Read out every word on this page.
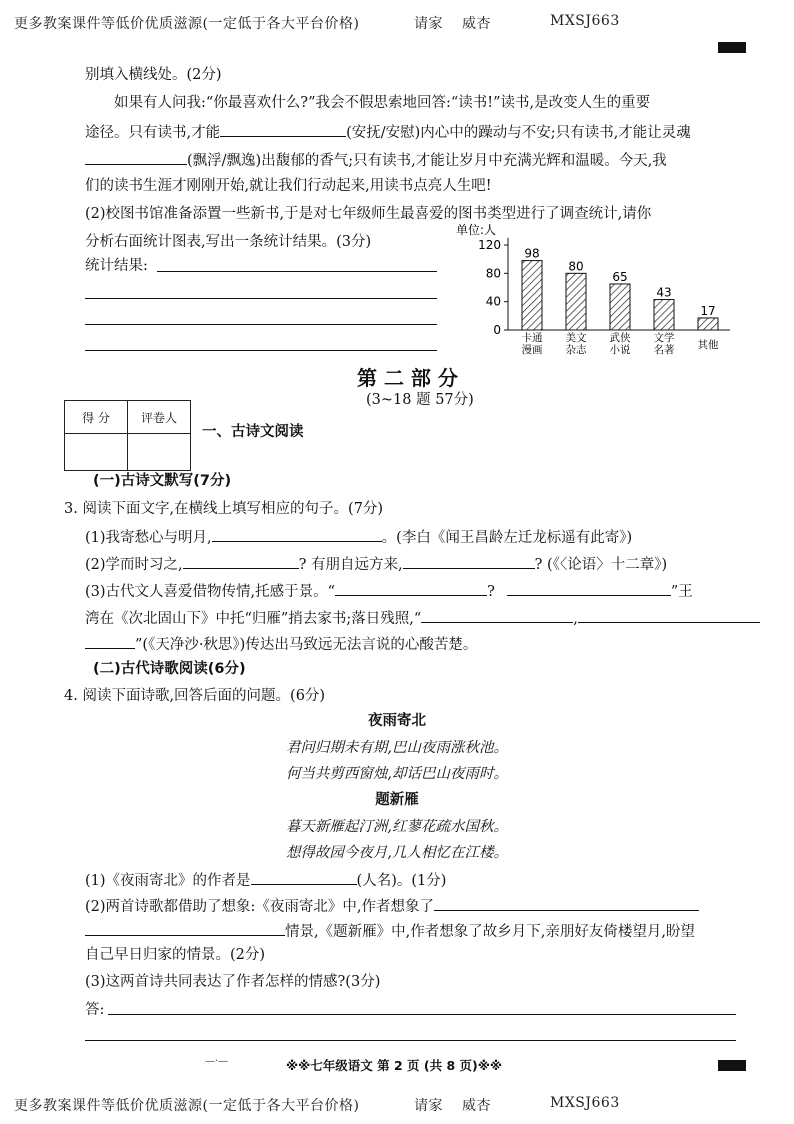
更多教案课件等低价优质滋源(一定低于各大平台价格)	请家 威杏	MXSJ663
别填入横线处。(2分)
如果有人问我:“你最喜欢什么?”我会不假思索地回答:“读书!”读书,是改变人生的重要
途径。只有读书,才能	(安抚/安慰)内心中的躁动与不安;只有读书,才能让灵魂
(飘浮/飘逸)出馥郁的香气;只有读书,才能让岁月中充满光辉和温暖。今天,我
们的读书生涯才刚刚开始,就让我们行动起来,用读书点亮人生吧!
(2)校图书馆准备添置一些新书,于是对七年级师生最喜爱的图书类型进行了调查统计,请你
分析右面统计图表,写出一条统计结果。(3分)
统计结果:
单位:人
120
80
40
0
98
卡通
漫画
80
美文
杂志
65
武侠
小说
43
文学
名著
17
其他
第 二 部 分
(3~18 题 57分)
得 分	评卷人

一、古诗文阅读
(一)古诗文默写(7分)
3. 阅读下面文字,在横线上填写相应的句子。(7分)
(1)我寄愁心与明月,	。(李白《闻王昌龄左迁龙标遥有此寄》)
(2)学而时习之,	? 有朋自远方来,	? (《〈论语〉十二章》)
(3)古代文人喜爱借物传情,托感于景。“	?	”王
湾在《次北固山下》中托“归雁”捎去家书;落日残照,“	,
”(《天净沙·秋思》)传达出马致远无法言说的心酸苦楚。
(二)古代诗歌阅读(6分)
4. 阅读下面诗歌,回答后面的问题。(6分)
夜雨寄北
君问归期未有期,巴山夜雨涨秋池。
何当共剪西窗烛,却话巴山夜雨时。
题新雁
暮天新雁起汀洲,红蓼花疏水国秋。
想得故园今夜月,几人相忆在江楼。
(1)《夜雨寄北》的作者是	(人名)。(1分)
(2)两首诗歌都借助了想象:《夜雨寄北》中,作者想象了
情景,《题新雁》中,作者想象了故乡月下,亲朋好友倚楼望月,盼望
自己早日归家的情景。(2分)
(3)这两首诗共同表达了作者怎样的情感?(3分)
答:
—·—	※※七年级语文 第 2 页 (共 8 页)※※
更多教案课件等低价优质滋源(一定低于各大平台价格)	请家 威杏	MXSJ663
